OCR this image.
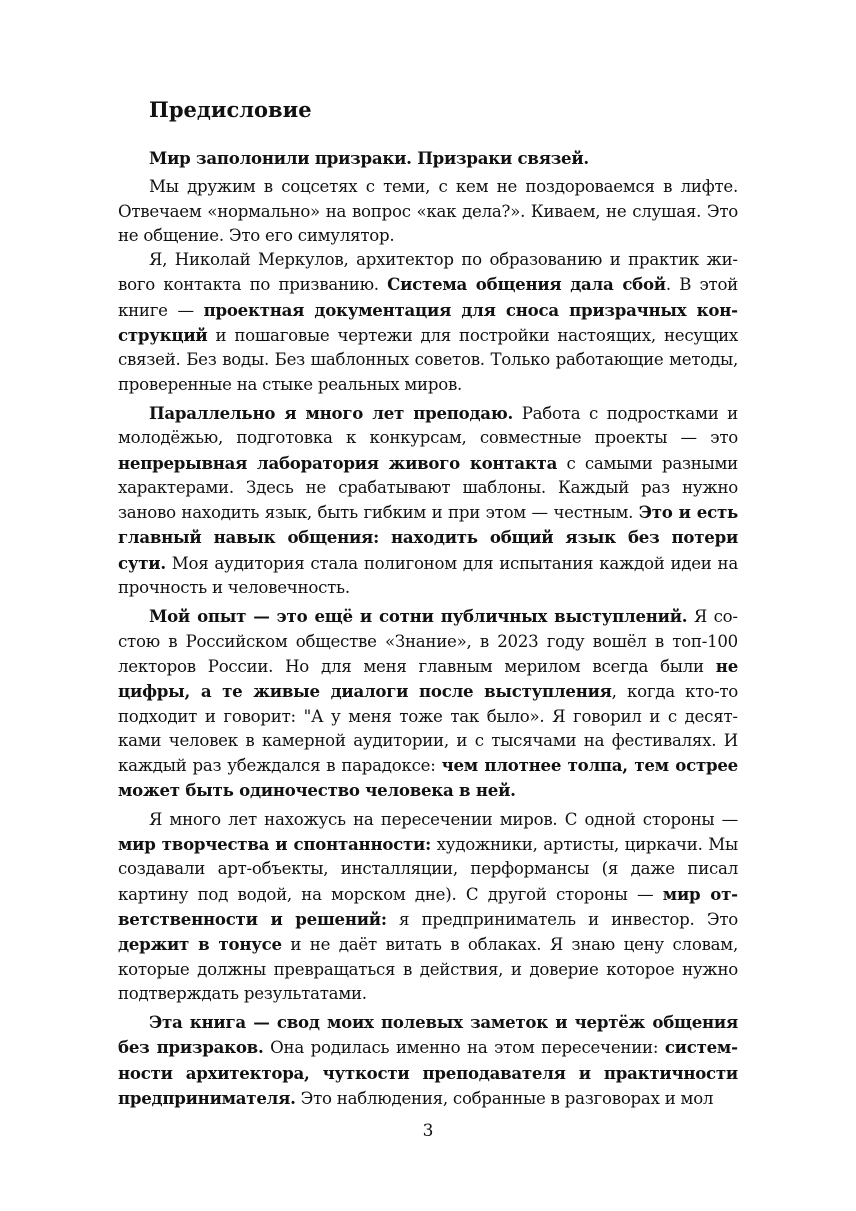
Предисловие

Мир заполонили призраки. Призраки связей.

Мы дружим в соцсетях с теми, с кем не поздороваемся в лифте. Отвечаем «нормально» на вопрос «как дела?». Киваем, не слушая. Это не общение. Это его симулятор.

Я, Николай Меркулов, архитектор по образованию и практик живого контакта по призванию. Система общения дала сбой. В этой книге — проектная документация для сноса призрачных конструкций и пошаговые чертежи для постройки настоящих, несущих связей. Без воды. Без шаблонных советов. Только работающие методы, проверенные на стыке реальных миров.

Параллельно я много лет преподаю. Работа с подростками и молодёжью, подготовка к конкурсам, совместные проекты — это непрерывная лаборатория живого контакта с самыми разными характерами. Здесь не срабатывают шаблоны. Каждый раз нужно заново находить язык, быть гибким и при этом — честным. Это и есть главный навык общения: находить общий язык без потери сути. Моя аудитория стала полигоном для испытания каждой идеи на прочность и человечность.

Мой опыт — это ещё и сотни публичных выступлений. Я состою в Российском обществе «Знание», в 2023 году вошёл в топ-100 лекторов России. Но для меня главным мерилом всегда были не цифры, а те живые диалоги после выступления, когда кто-то подходит и говорит: "А у меня тоже так было». Я говорил и с десятками человек в камерной аудитории, и с тысячами на фестивалях. И каждый раз убеждался в парадоксе: чем плотнее толпа, тем острее может быть одиночество человека в ней.

Я много лет нахожусь на пересечении миров. С одной стороны — мир творчества и спонтанности: художники, артисты, циркачи. Мы создавали арт-объекты, инсталляции, перформансы (я даже писал картину под водой, на морском дне). С другой стороны — мир ответственности и решений: я предприниматель и инвестор. Это держит в тонусе и не даёт витать в облаках. Я знаю цену словам, которые должны превращаться в действия, и доверие которое нужно подтверждать результатами.

Эта книга — свод моих полевых заметок и чертёж общения без призраков. Она родилась именно на этом пересечении: системности архитектора, чуткости преподавателя и практичности предпринимателя. Это наблюдения, собранные в разговорах и мол

3
